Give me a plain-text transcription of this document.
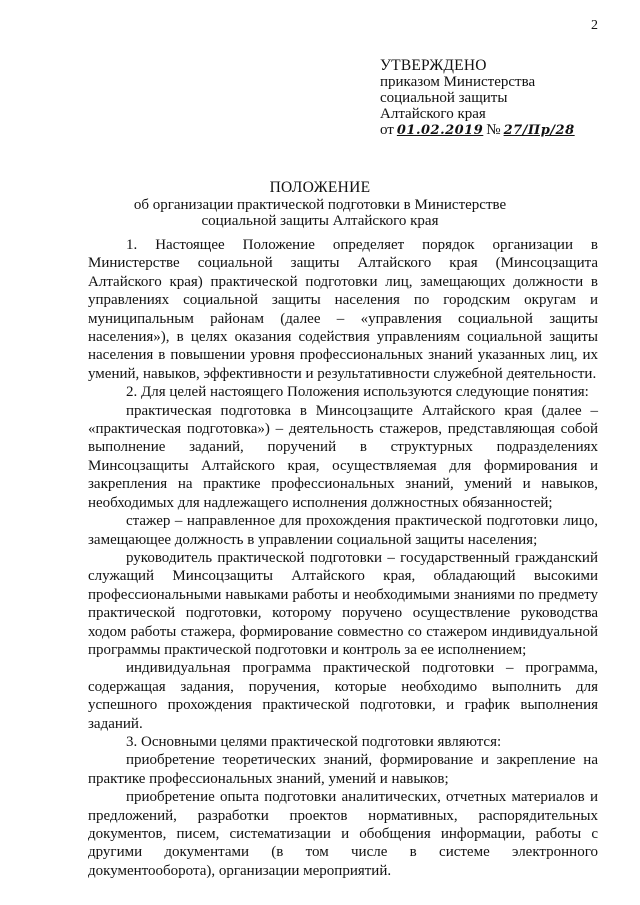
2
УТВЕРЖДЕНО
приказом Министерства
социальной защиты
Алтайского края
от 01.02.2019 № 27/Пр/28
ПОЛОЖЕНИЕ
об организации практической подготовки в Министерстве
социальной защиты Алтайского края

1. Настоящее Положение определяет порядок организации в Министерстве социальной защиты Алтайского края (Минсоцзащита Алтайского края) практической подготовки лиц, замещающих должности в управлениях социальной защиты населения по городским округам и муниципальным районам (далее – «управления социальной защиты населения»), в целях оказания содействия управлениям социальной защиты населения в повышении уровня профессиональных знаний указанных лиц, их умений, навыков, эффективности и результативности служебной деятельности.

2. Для целей настоящего Положения используются следующие понятия:

практическая подготовка в Минсоцзащите Алтайского края (далее – «практическая подготовка») – деятельность стажеров, представляющая собой выполнение заданий, поручений в структурных подразделениях Минсоцзащиты Алтайского края, осуществляемая для формирования и закрепления на практике профессиональных знаний, умений и навыков, необходимых для надлежащего исполнения должностных обязанностей;

стажер – направленное для прохождения практической подготовки лицо, замещающее должность в управлении социальной защиты населения;

руководитель практической подготовки – государственный гражданский служащий Минсоцзащиты Алтайского края, обладающий высокими профессиональными навыками работы и необходимыми знаниями по предмету практической подготовки, которому поручено осуществление руководства ходом работы стажера, формирование совместно со стажером индивидуальной программы практической подготовки и контроль за ее исполнением;

индивидуальная программа практической подготовки – программа, содержащая задания, поручения, которые необходимо выполнить для успешного прохождения практической подготовки, и график выполнения заданий.

3. Основными целями практической подготовки являются:

приобретение теоретических знаний, формирование и закрепление на практике профессиональных знаний, умений и навыков;

приобретение опыта подготовки аналитических, отчетных материалов и предложений, разработки проектов нормативных, распорядительных документов, писем, систематизации и обобщения информации, работы с другими документами (в том числе в системе электронного документооборота), организации мероприятий.
